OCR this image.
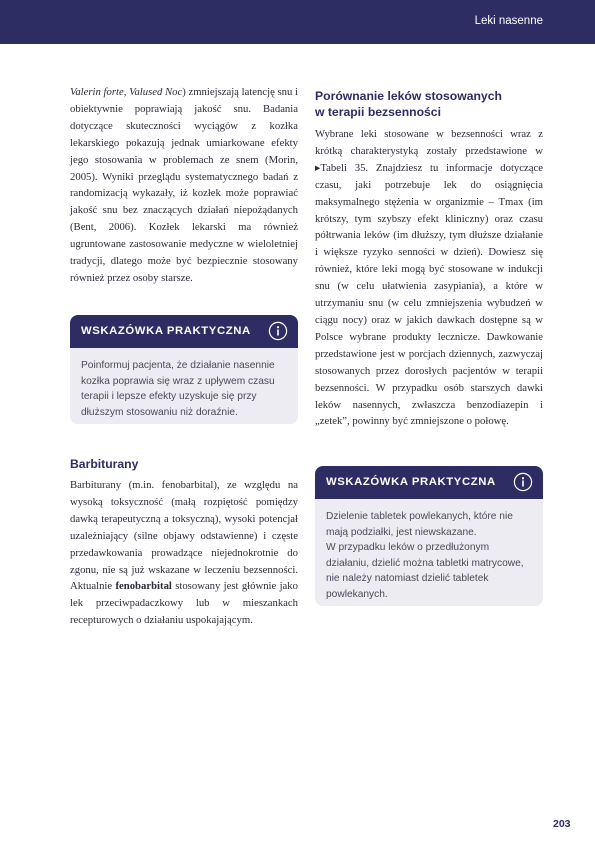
Leki nasenne
Valerin forte, Valused Noc) zmniejszają latencję snu i obiektywnie poprawiają jakość snu. Badania dotyczące skuteczności wyciągów z kozłka lekarskiego pokazują jednak umiarkowane efekty jego stosowania w problemach ze snem (Morin, 2005). Wyniki przeglądu systematycznego badań z randomizacją wykazały, iż kozłek może poprawiać jakość snu bez znaczących działań niepożądanych (Bent, 2006). Kozłek lekarski ma również ugruntowane zastosowanie medyczne w wieloletniej tradycji, dlatego może być bezpiecznie stosowany również przez osoby starsze.
WSKAZÓWKA PRAKTYCZNA
Poinformuj pacjenta, że działanie nasennie kozłka poprawia się wraz z upływem czasu terapii i lepsze efekty uzyskuje się przy dłuższym stosowaniu niż doraźnie.
Barbiturany
Barbiturany (m.in. fenobarbital), ze względu na wysoką toksyczność (małą rozpiętość pomiędzy dawką terapeutyczną a toksyczną), wysoki potencjał uzależniający (silne objawy odstawienne) i częste przedawkowania prowadzące niejednokrotnie do zgonu, nie są już wskazane w leczeniu bezsenności. Aktualnie fenobarbital stosowany jest głównie jako lek przeciwpadaczkowy lub w mieszankach recepturowych o działaniu uspokajającym.
Porównanie leków stosowanych
w terapii bezsenności
Wybrane leki stosowane w bezsenności wraz z krótką charakterystyką zostały przedstawione w ▸Tabeli 35. Znajdziesz tu informacje dotyczące czasu, jaki potrzebuje lek do osiągnięcia maksymalnego stężenia w organizmie – Tmax (im krótszy, tym szybszy efekt kliniczny) oraz czasu półtrwania leków (im dłuższy, tym dłuższe działanie i większe ryzyko senności w dzień). Dowiesz się również, które leki mogą być stosowane w indukcji snu (w celu ułatwienia zasypiania), a które w utrzymaniu snu (w celu zmniejszenia wybudzeń w ciągu nocy) oraz w jakich dawkach dostępne są w Polsce wybrane produkty lecznicze. Dawkowanie przedstawione jest w porcjach dziennych, zazwyczaj stosowanych przez dorosłych pacjentów w terapii bezsenności. W przypadku osób starszych dawki leków nasennych, zwłaszcza benzodiazepin i „zetek”, powinny być zmniejszone o połowę.
WSKAZÓWKA PRAKTYCZNA
Dzielenie tabletek powlekanych, które nie mają podziałki, jest niewskazane.
W przypadku leków o przedłużonym działaniu, dzielić można tabletki matrycowe, nie należy natomiast dzielić tabletek powlekanych.
203
